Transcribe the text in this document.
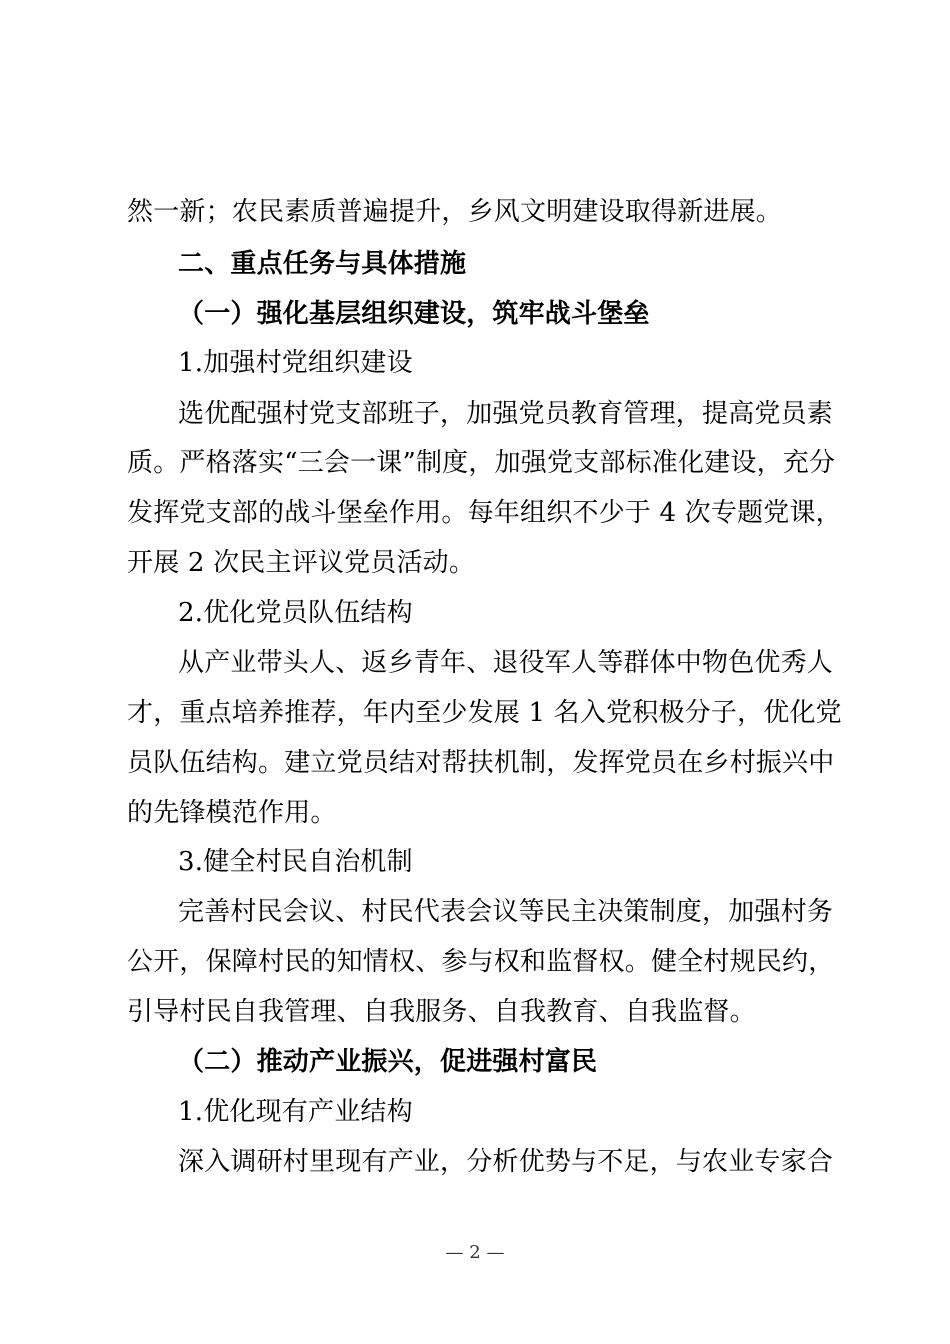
然一新；农民素质普遍提升，乡风文明建设取得新进展。
二、重点任务与具体措施
（一）强化基层组织建设，筑牢战斗堡垒
1.加强村党组织建设
选优配强村党支部班子，加强党员教育管理，提高党员素
质。严格落实“三会一课”制度，加强党支部标准化建设，充分
发挥党支部的战斗堡垒作用。每年组织不少于 4 次专题党课，
开展 2 次民主评议党员活动。
2.优化党员队伍结构
从产业带头人、返乡青年、退役军人等群体中物色优秀人
才，重点培养推荐，年内至少发展 1 名入党积极分子，优化党
员队伍结构。建立党员结对帮扶机制，发挥党员在乡村振兴中
的先锋模范作用。
3.健全村民自治机制
完善村民会议、村民代表会议等民主决策制度，加强村务
公开，保障村民的知情权、参与权和监督权。健全村规民约，
引导村民自我管理、自我服务、自我教育、自我监督。
（二）推动产业振兴，促进强村富民
1.优化现有产业结构
深入调研村里现有产业，分析优势与不足，与农业专家合
— 2 —
